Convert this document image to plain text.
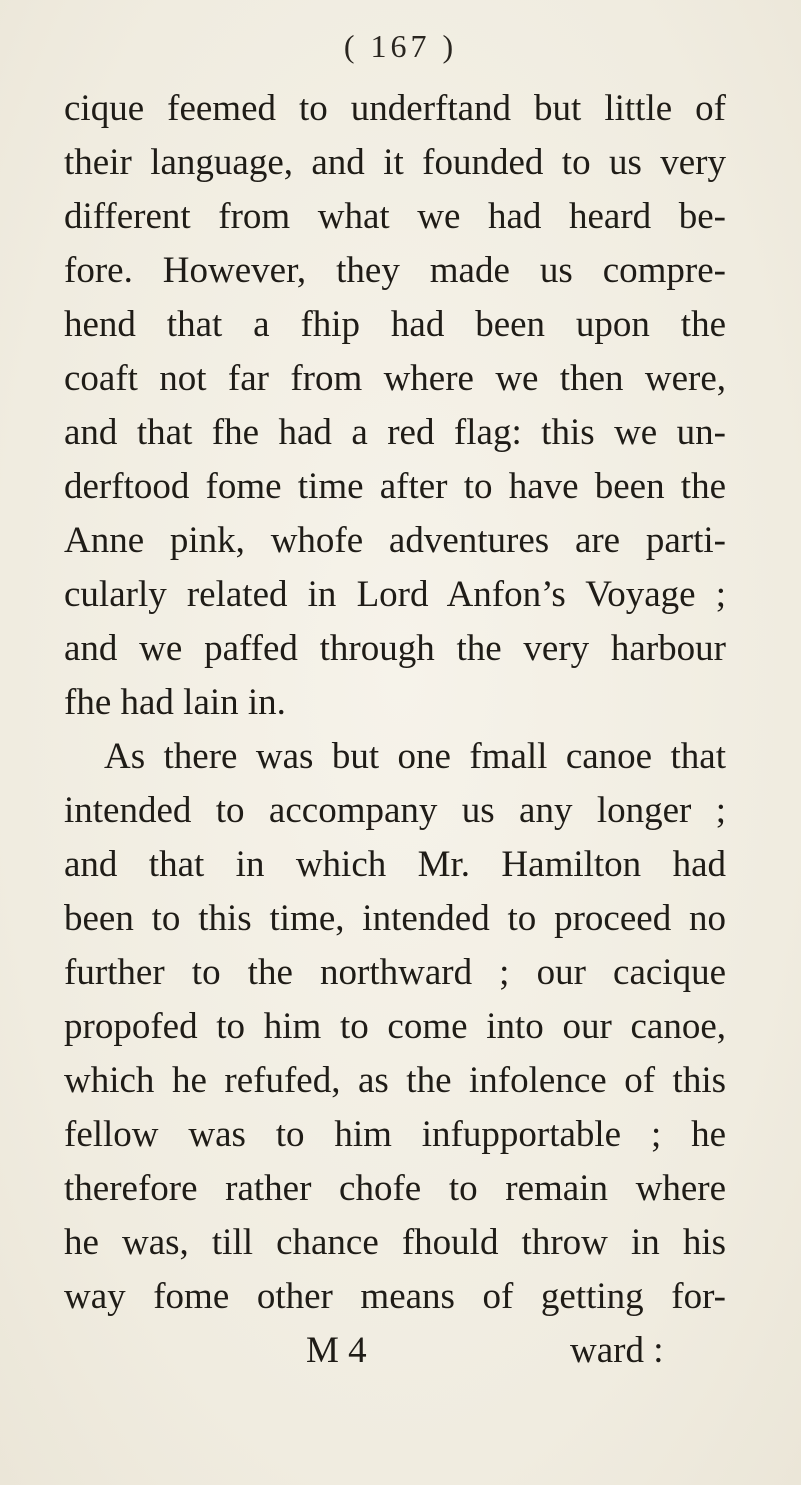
( 167 )
cique feemed to underftand but little of
their language, and it founded to us very
different from what we had heard be-
fore. However, they made us compre-
hend that a fhip had been upon the
coaft not far from where we then were,
and that fhe had a red flag: this we un-
derftood fome time after to have been the
Anne pink, whofe adventures are parti-
cularly related in Lord Anfon’s Voyage ;
and we paffed through the very harbour
fhe had lain in.
As there was but one fmall canoe that
intended to accompany us any longer ;
and that in which Mr. Hamilton had
been to this time, intended to proceed no
further to the northward ; our cacique
propofed to him to come into our canoe,
which he refufed, as the infolence of this
fellow was to him infupportable ; he
therefore rather chofe to remain where
he was, till chance fhould throw in his
M 4	ward :
way fome other means of getting for-
